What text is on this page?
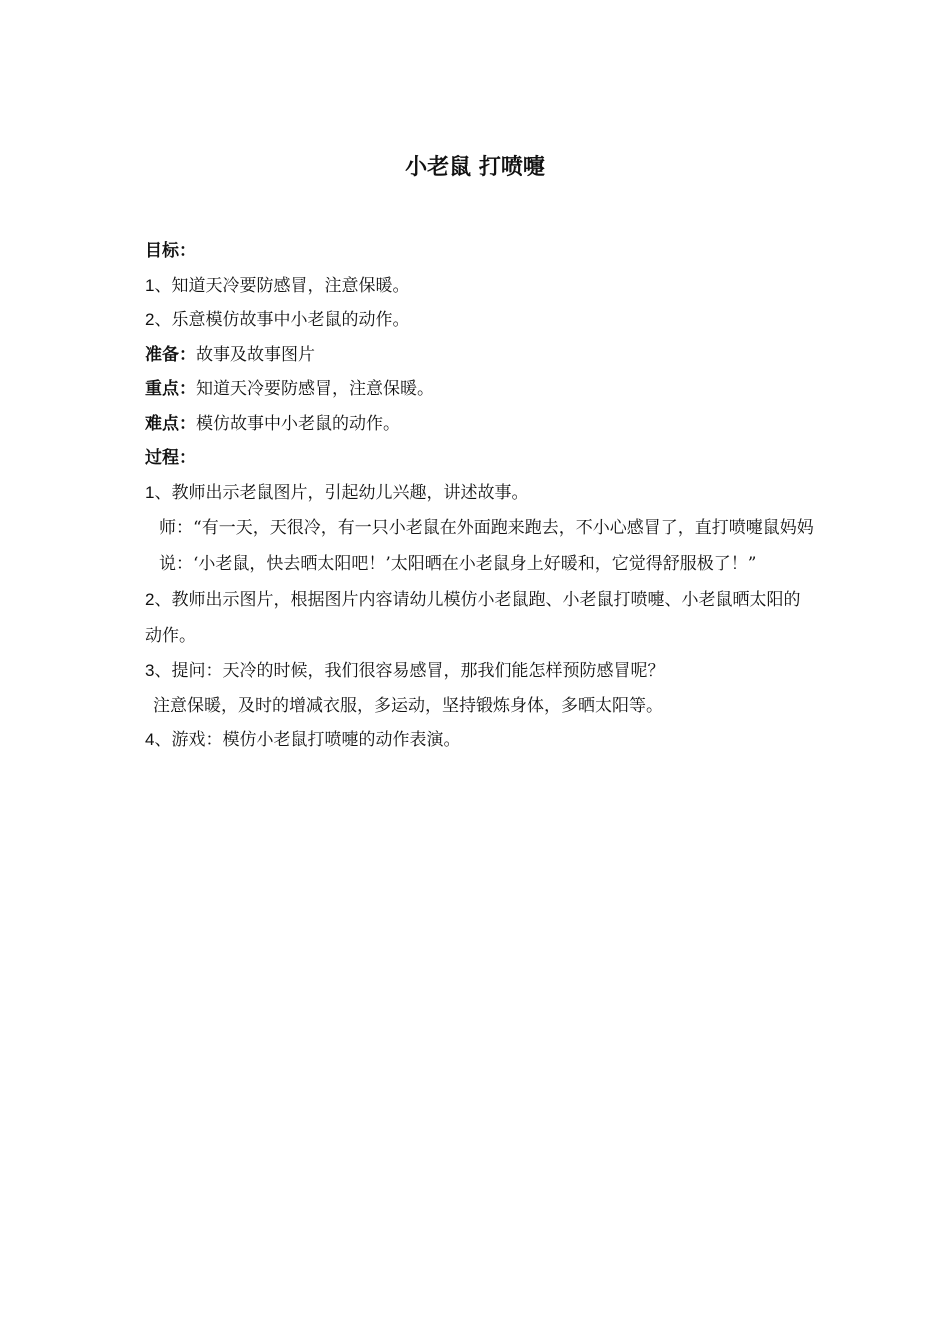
小老鼠 打喷嚏
目标：
1、知道天冷要防感冒，注意保暖。
2、乐意模仿故事中小老鼠的动作。
准备：故事及故事图片
重点：知道天冷要防感冒，注意保暖。
难点：模仿故事中小老鼠的动作。
过程：
1、教师出示老鼠图片，引起幼儿兴趣，讲述故事。
师：“有一天，天很冷，有一只小老鼠在外面跑来跑去，不小心感冒了，直打喷嚏鼠妈妈说：‘小老鼠，快去晒太阳吧！’太阳晒在小老鼠身上好暖和，它觉得舒服极了！”
2、教师出示图片，根据图片内容请幼儿模仿小老鼠跑、小老鼠打喷嚏、小老鼠晒太阳的动作。
3、提问：天冷的时候，我们很容易感冒，那我们能怎样预防感冒呢？
注意保暖，及时的增减衣服，多运动，坚持锻炼身体，多晒太阳等。
4、游戏：模仿小老鼠打喷嚏的动作表演。
